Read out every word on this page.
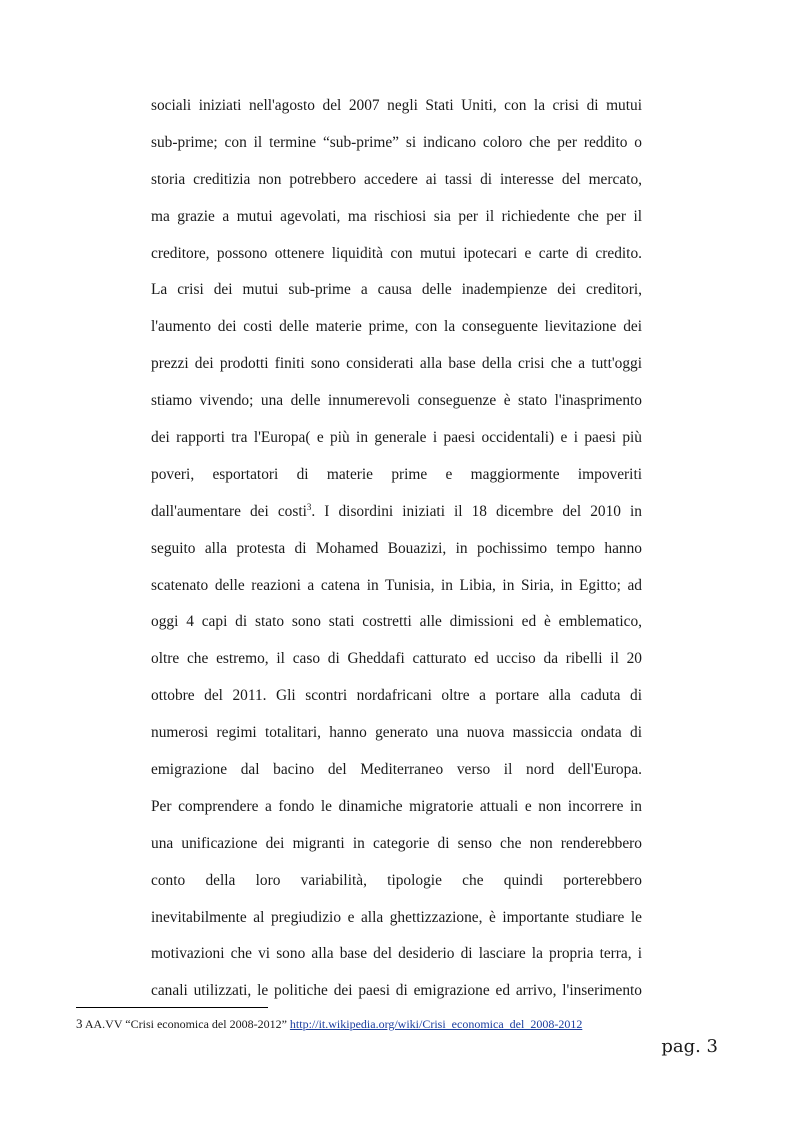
sociali iniziati nell'agosto del 2007 negli Stati Uniti, con la crisi di mutui
sub-prime; con il termine “sub-prime” si indicano coloro che per reddito o
storia creditizia non potrebbero accedere ai tassi di interesse del mercato,
ma grazie a mutui agevolati, ma rischiosi sia per il richiedente che per il
creditore, possono ottenere liquidità con mutui ipotecari e carte di credito.
La crisi dei mutui sub-prime a causa delle inadempienze dei creditori,
l'aumento dei costi delle materie prime, con la conseguente lievitazione dei
prezzi dei prodotti finiti sono considerati alla base della crisi che a tutt'oggi
stiamo vivendo; una delle innumerevoli conseguenze è stato l'inasprimento
dei rapporti tra l'Europa( e più in generale i paesi occidentali) e i paesi più
poveri, esportatori di materie prime e maggiormente impoveriti
dall'aumentare dei costi$^3$. I disordini iniziati il 18 dicembre del 2010 in
seguito alla protesta di Mohamed Bouazizi, in pochissimo tempo hanno
scatenato delle reazioni a catena in Tunisia, in Libia, in Siria, in Egitto; ad
oggi 4 capi di stato sono stati costretti alle dimissioni ed è emblematico,
oltre che estremo, il caso di Gheddafi catturato ed ucciso da ribelli il 20
ottobre del 2011. Gli scontri nordafricani oltre a portare alla caduta di
numerosi regimi totalitari, hanno generato una nuova massiccia ondata di
emigrazione dal bacino del Mediterraneo verso il nord dell'Europa.
Per comprendere a fondo le dinamiche migratorie attuali e non incorrere in
una unificazione dei migranti in categorie di senso che non renderebbero
conto della loro variabilità, tipologie che quindi porterebbero
inevitabilmente al pregiudizio e alla ghettizzazione, è importante studiare le
motivazioni che vi sono alla base del desiderio di lasciare la propria terra, i
canali utilizzati, le politiche dei paesi di emigrazione ed arrivo, l'inserimento
3 AA.VV “Crisi economica del 2008-2012” http://it.wikipedia.org/wiki/Crisi_economica_del_2008-2012
pag. 3
